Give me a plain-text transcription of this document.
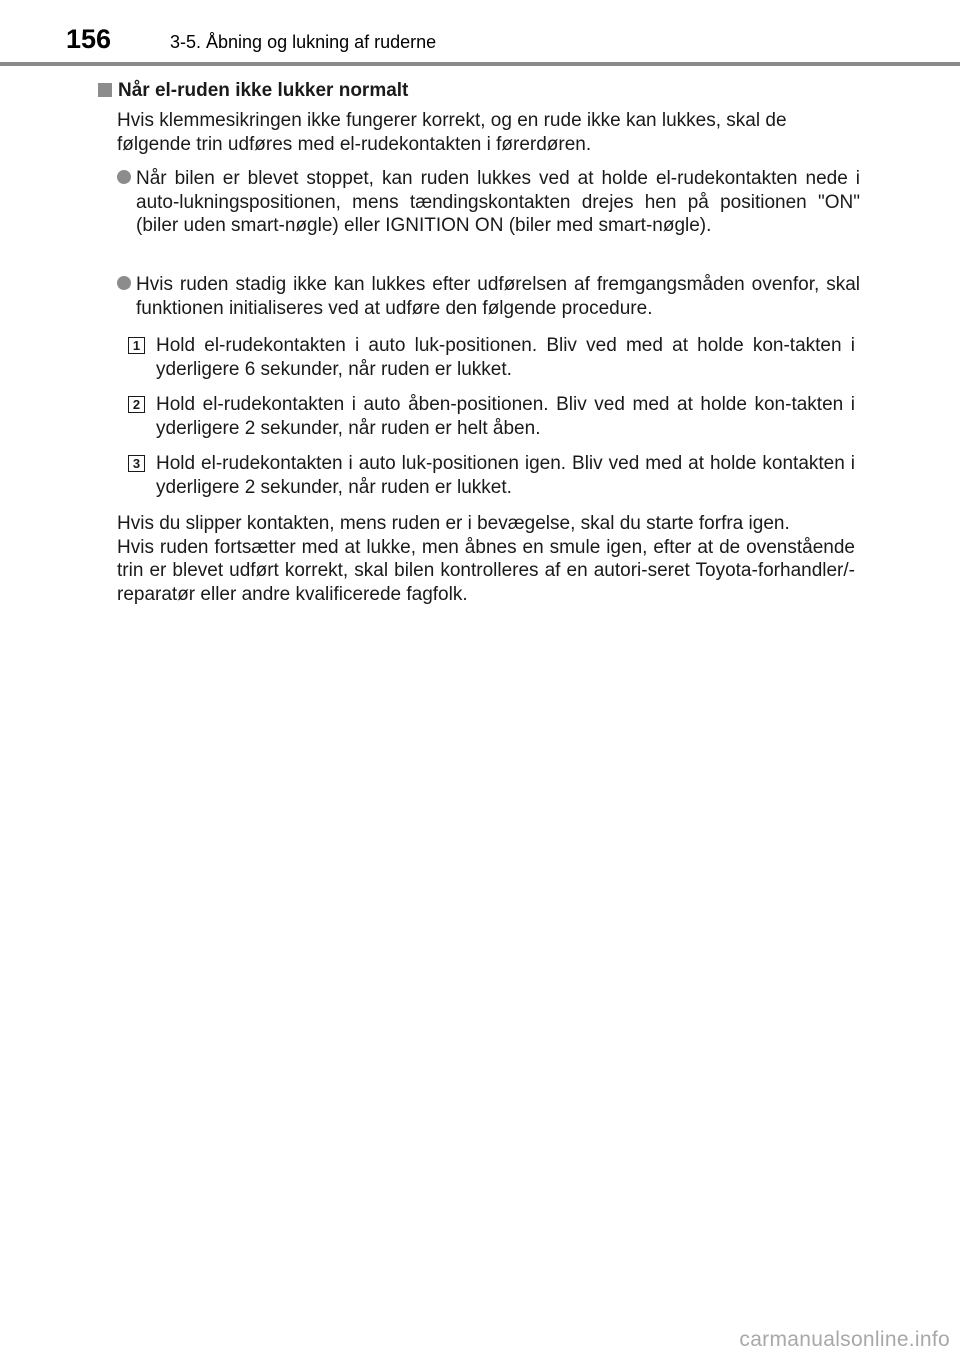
156	3-5. Åbning og lukning af ruderne
Når el-ruden ikke lukker normalt
Hvis klemmesikringen ikke fungerer korrekt, og en rude ikke kan lukkes, skal de følgende trin udføres med el-rudekontakten i førerdøren.
Når bilen er blevet stoppet, kan ruden lukkes ved at holde el-rudekontakten nede i auto-lukningspositionen, mens tændingskontakten drejes hen på positionen "ON" (biler uden smart-nøgle) eller IGNITION ON (biler med smart-nøgle).
Hvis ruden stadig ikke kan lukkes efter udførelsen af fremgangsmåden ovenfor, skal funktionen initialiseres ved at udføre den følgende procedure.
1 Hold el-rudekontakten i auto luk-positionen. Bliv ved med at holde kon-takten i yderligere 6 sekunder, når ruden er lukket.
2 Hold el-rudekontakten i auto åben-positionen. Bliv ved med at holde kon-takten i yderligere 2 sekunder, når ruden er helt åben.
3 Hold el-rudekontakten i auto luk-positionen igen. Bliv ved med at holde kontakten i yderligere 2 sekunder, når ruden er lukket.

Hvis du slipper kontakten, mens ruden er i bevægelse, skal du starte forfra igen.

Hvis ruden fortsætter med at lukke, men åbnes en smule igen, efter at de ovenstående trin er blevet udført korrekt, skal bilen kontrolleres af en autori-seret Toyota-forhandler/-reparatør eller andre kvalificerede fagfolk.

carmanualsonline.info
